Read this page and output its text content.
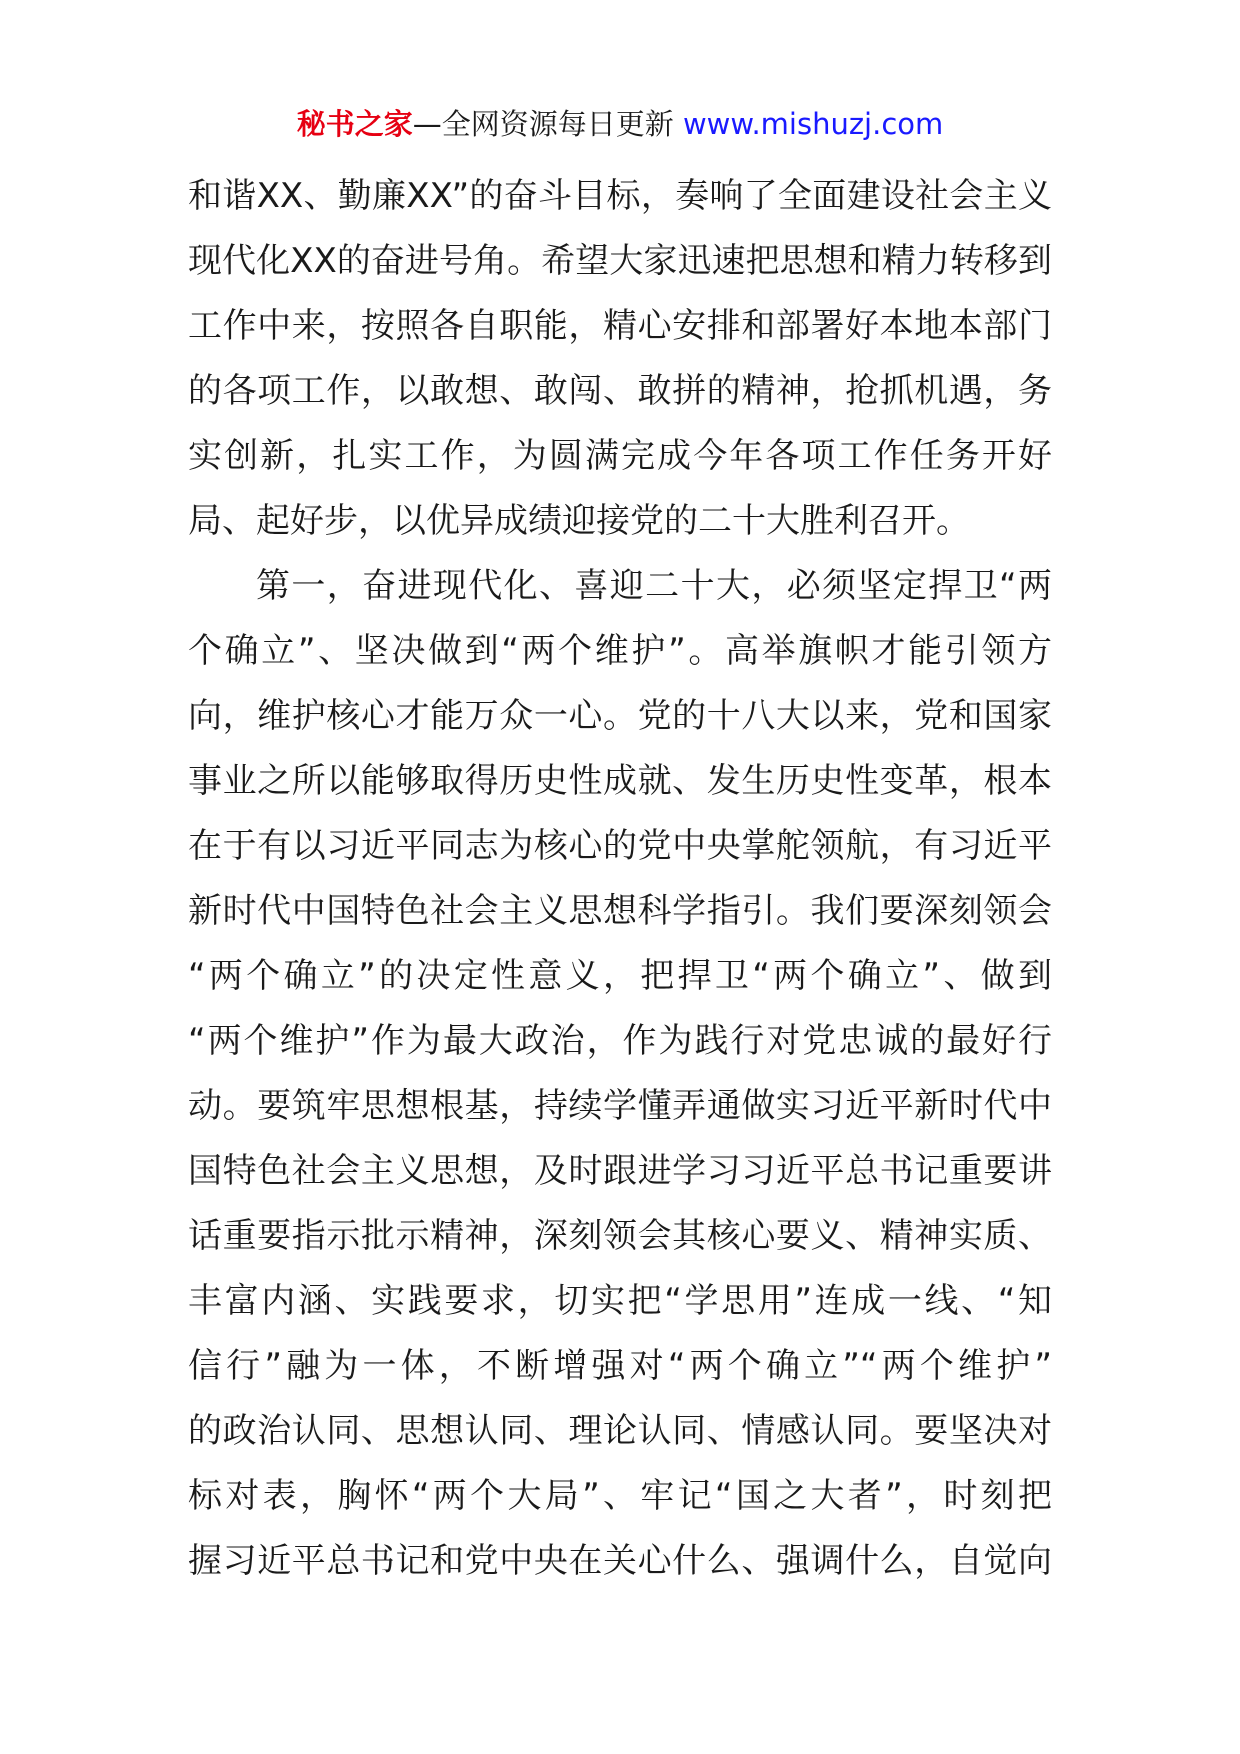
秘书之家—全网资源每日更新 www.mishuzj.com
和谐XX、勤廉XX”的奋斗目标，奏响了全面建设社会主义
现代化XX的奋进号角。希望大家迅速把思想和精力转移到
工作中来，按照各自职能，精心安排和部署好本地本部门
的各项工作，以敢想、敢闯、敢拼的精神，抢抓机遇，务
实创新，扎实工作，为圆满完成今年各项工作任务开好
局、起好步，以优异成绩迎接党的二十大胜利召开。
第一，奋进现代化、喜迎二十大，必须坚定捍卫“两
个确立”、坚决做到“两个维护”。高举旗帜才能引领方
向，维护核心才能万众一心。党的十八大以来，党和国家
事业之所以能够取得历史性成就、发生历史性变革，根本
在于有以习近平同志为核心的党中央掌舵领航，有习近平
新时代中国特色社会主义思想科学指引。我们要深刻领会
“两个确立”的决定性意义，把捍卫“两个确立”、做到
“两个维护”作为最大政治，作为践行对党忠诚的最好行
动。要筑牢思想根基，持续学懂弄通做实习近平新时代中
国特色社会主义思想，及时跟进学习习近平总书记重要讲
话重要指示批示精神，深刻领会其核心要义、精神实质、
丰富内涵、实践要求，切实把“学思用”连成一线、“知
信行”融为一体，不断增强对“两个确立”“两个维护”
的政治认同、思想认同、理论认同、情感认同。要坚决对
标对表，胸怀“两个大局”、牢记“国之大者”，时刻把
握习近平总书记和党中央在关心什么、强调什么，自觉向
